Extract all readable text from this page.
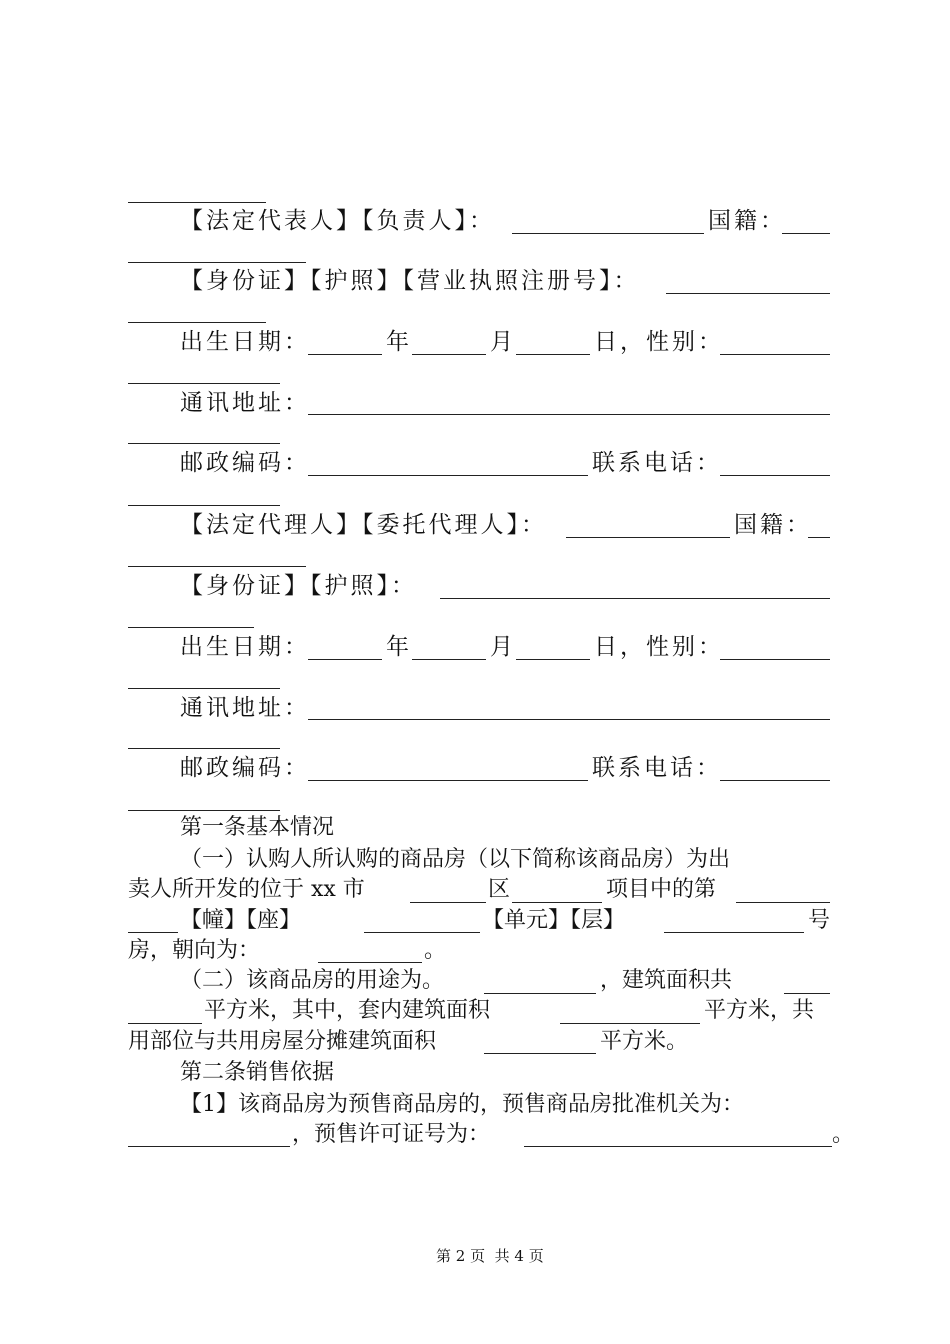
【法定代表人】【负责人】：	国籍：
【身份证】【护照】【营业执照注册号】：
出生日期：	年	月	日，性别：
通讯地址：
邮政编码：	联系电话：
【法定代理人】【委托代理人】：	国籍：
【身份证】【护照】：
出生日期：	年	月	日，性别：
通讯地址：
邮政编码：	联系电话：
第一条基本情况
（一）认购人所认购的商品房（以下简称该商品房）为出
卖人所开发的位于 xx 市	区	项目中的第
【幢】【座】	【单元】【层】	号
房，朝向为：	。
（二）该商品房的用途为。	，建筑面积共
平方米，其中，套内建筑面积	平方米，共
用部位与共用房屋分摊建筑面积	平方米。
第二条销售依据
【1】该商品房为预售商品房的，预售商品房批准机关为：
，预售许可证号为：	。
第 2 页  共 4 页
